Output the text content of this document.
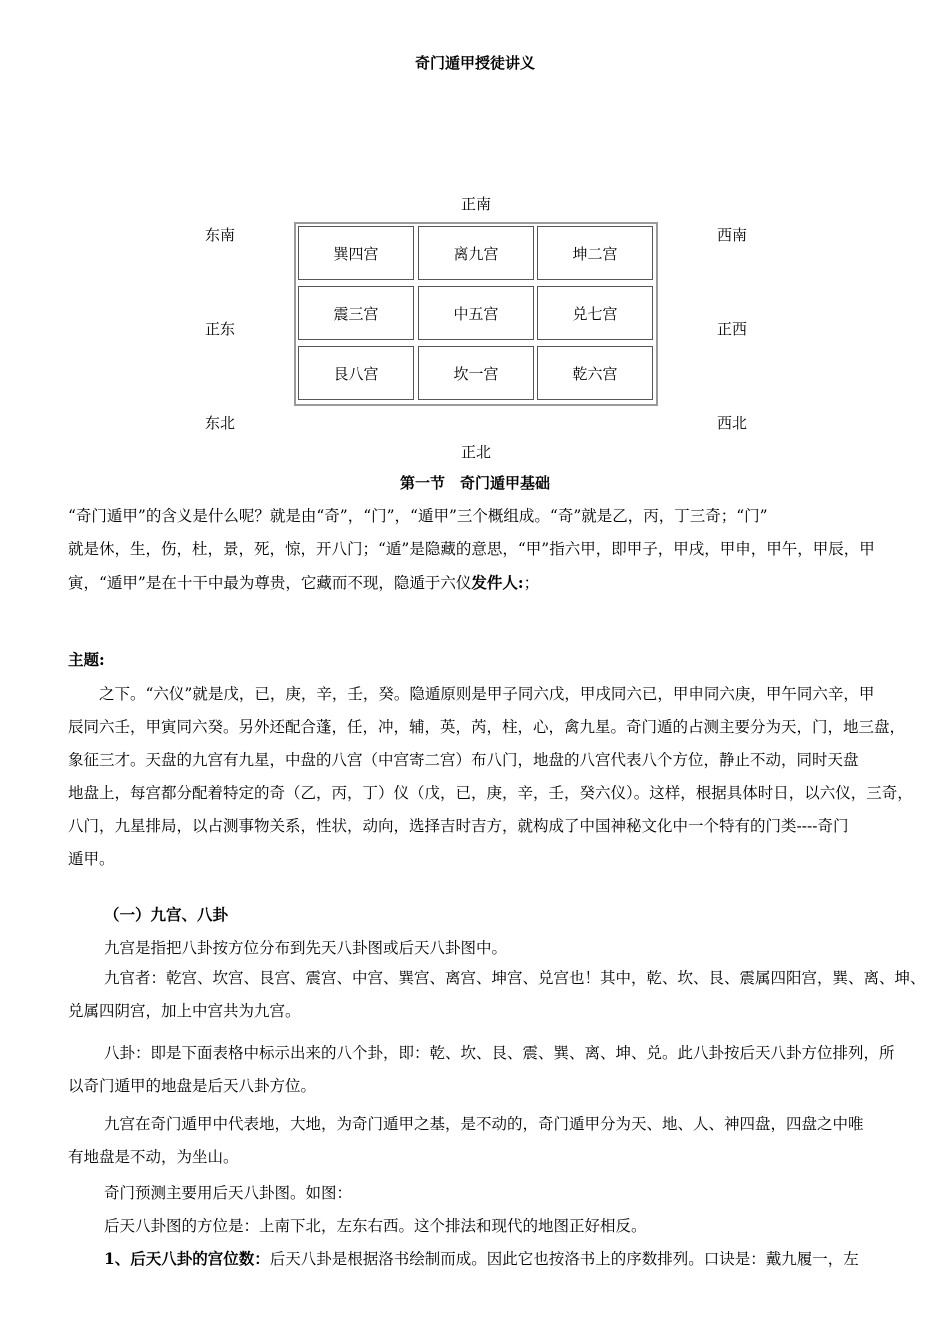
奇门遁甲授徒讲义
正南
东南	西南
正东	正西
东北	西北
正北
巽四宫	离九宫	坤二宫
震三宫	中五宫	兑七宫
艮八宫	坎一宫	乾六宫
第一节　奇门遁甲基础
“奇门遁甲”的含义是什么呢？就是由“奇”，“门”，“遁甲”三个概组成。“奇”就是乙，丙，丁三奇；“门”
就是休，生，伤，杜，景，死，惊，开八门；“遁”是隐藏的意思，“甲”指六甲，即甲子，甲戌，甲申，甲午，甲辰，甲
寅，“遁甲”是在十干中最为尊贵，它藏而不现，隐遁于六仪发件人:；
主题:
　　之下。“六仪”就是戊，已，庚，辛，壬，癸。隐遁原则是甲子同六戊，甲戌同六已，甲申同六庚，甲午同六辛，甲
辰同六壬，甲寅同六癸。另外还配合蓬，任，冲，辅，英，芮，柱，心，禽九星。奇门遁的占测主要分为天，门，地三盘，
象征三才。天盘的九宫有九星，中盘的八宫（中宫寄二宫）布八门，地盘的八宫代表八个方位，静止不动，同时天盘
地盘上，每宫都分配着特定的奇（乙，丙，丁）仪（戊，已，庚，辛，壬，癸六仪）。这样，根据具体时日，以六仪，三奇，
八门，九星排局，以占测事物关系，性状，动向，选择吉时吉方，就构成了中国神秘文化中一个特有的门类----奇门
遁甲。
（一）九宫、八卦
九宫是指把八卦按方位分布到先天八卦图或后天八卦图中。
九官者：乾宫、坎宫、艮宫、震宫、中宫、巽宫、离宫、坤宫、兑宫也！其中，乾、坎、艮、震属四阳宫，巽、离、坤、
兑属四阴宫，加上中宫共为九宫。
八卦：即是下面表格中标示出来的八个卦，即：乾、坎、艮、震、巽、离、坤、兑。此八卦按后天八卦方位排列，所
以奇门遁甲的地盘是后天八卦方位。
九宫在奇门遁甲中代表地，大地，为奇门遁甲之基，是不动的，奇门遁甲分为天、地、人、神四盘，四盘之中唯
有地盘是不动，为坐山。
奇门预测主要用后天八卦图。如图：
后天八卦图的方位是：上南下北，左东右西。这个排法和现代的地图正好相反。
1、后天八卦的宫位数：后天八卦是根据洛书绘制而成。因此它也按洛书上的序数排列。口诀是：戴九履一，左
